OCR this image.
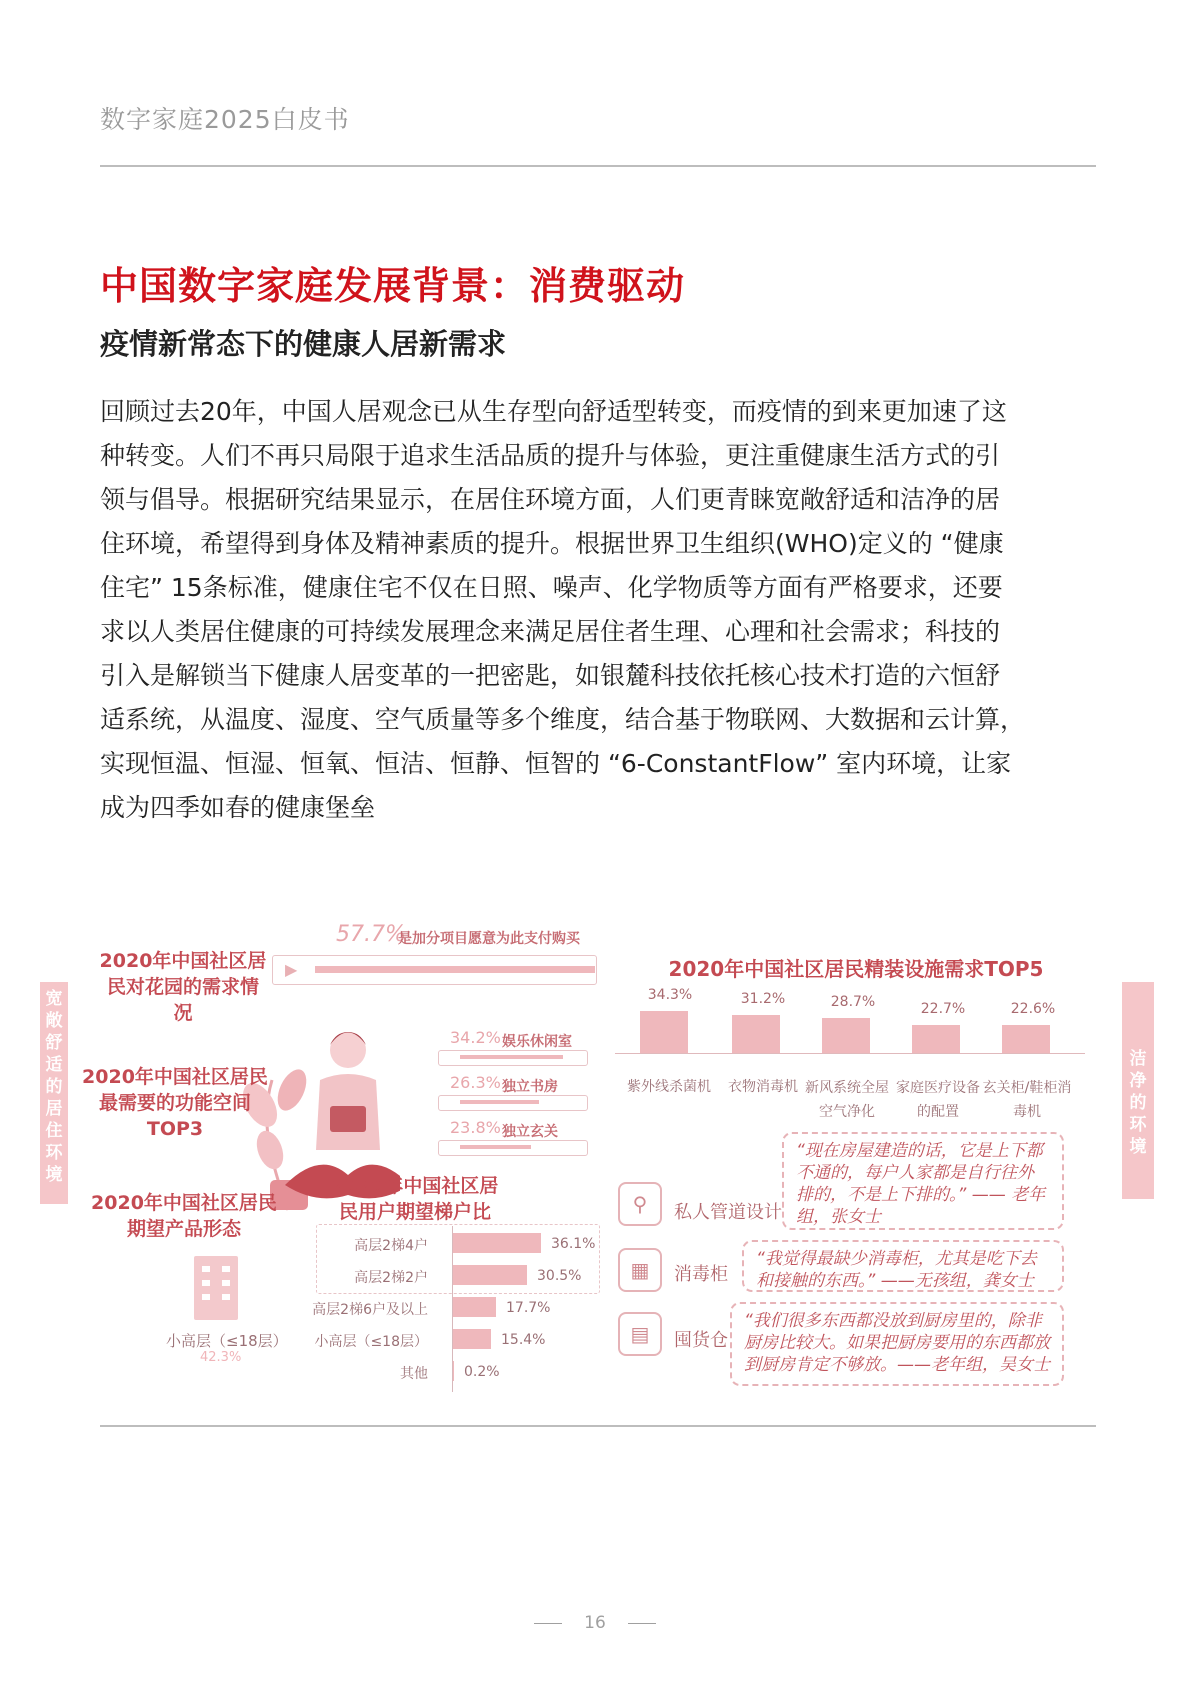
数字家庭2025白皮书
中国数字家庭发展背景：消费驱动
疫情新常态下的健康人居新需求

回顾过去20年，中国人居观念已从生存型向舒适型转变，而疫情的到来更加速了这

种转变。人们不再只局限于追求生活品质的提升与体验，更注重健康生活方式的引

领与倡导。根据研究结果显示，在居住环境方面，人们更青睐宽敞舒适和洁净的居

住环境，希望得到身体及精神素质的提升。根据世界卫生组织(WHO)定义的 “健康

住宅” 15条标准，健康住宅不仅在日照、噪声、化学物质等方面有严格要求，还要

求以人类居住健康的可持续发展理念来满足居住者生理、心理和社会需求；科技的

引入是解锁当下健康人居变革的一把密匙，如银麓科技依托核心技术打造的六恒舒

适系统，从温度、湿度、空气质量等多个维度，结合基于物联网、大数据和云计算，

实现恒温、恒湿、恒氧、恒洁、恒静、恒智的 “6-ConstantFlow” 室内环境，让家

成为四季如春的健康堡垒

宽敞舒适的居住环境
洁净的环境
2020年中国社区居民对花园的需求情况
57.7%
是加分项目愿意为此支付购买
▶
2020年中国社区居民最需要的功能空间TOP3
34.2% 娱乐休闲室
26.3% 独立书房
23.8% 独立玄关
2020年中国社区居民期望产品形态
小高层（≤18层）
42.3%
2020年中国社区居民用户期望梯户比
高层2梯4户	36.1%
高层2梯2户	30.5%
高层2梯6户及以上	17.7%
小高层（≤18层）	15.4%
其他	0.2%
2020年中国社区居民精装设施需求TOP5
34.3%
紫外线杀菌机
31.2%
衣物消毒机
28.7%
新风系统全屋
空气净化
22.7%
家庭医疗设备
的配置
22.6%
玄关柜/鞋柜消
毒机
⚲	私人管道设计
“现在房屋建造的话，它是上下都不通的，每户人家都是自行往外排的，不是上下排的。” —— 老年组，张女士
▦	消毒柜
“我觉得最缺少消毒柜，尤其是吃下去和接触的东西。” ——无孩组，龚女士
▤	囤货仓
“我们很多东西都没放到厨房里的，除非厨房比较大。如果把厨房要用的东西都放到厨房肯定不够放。——老年组，吴女士
16
